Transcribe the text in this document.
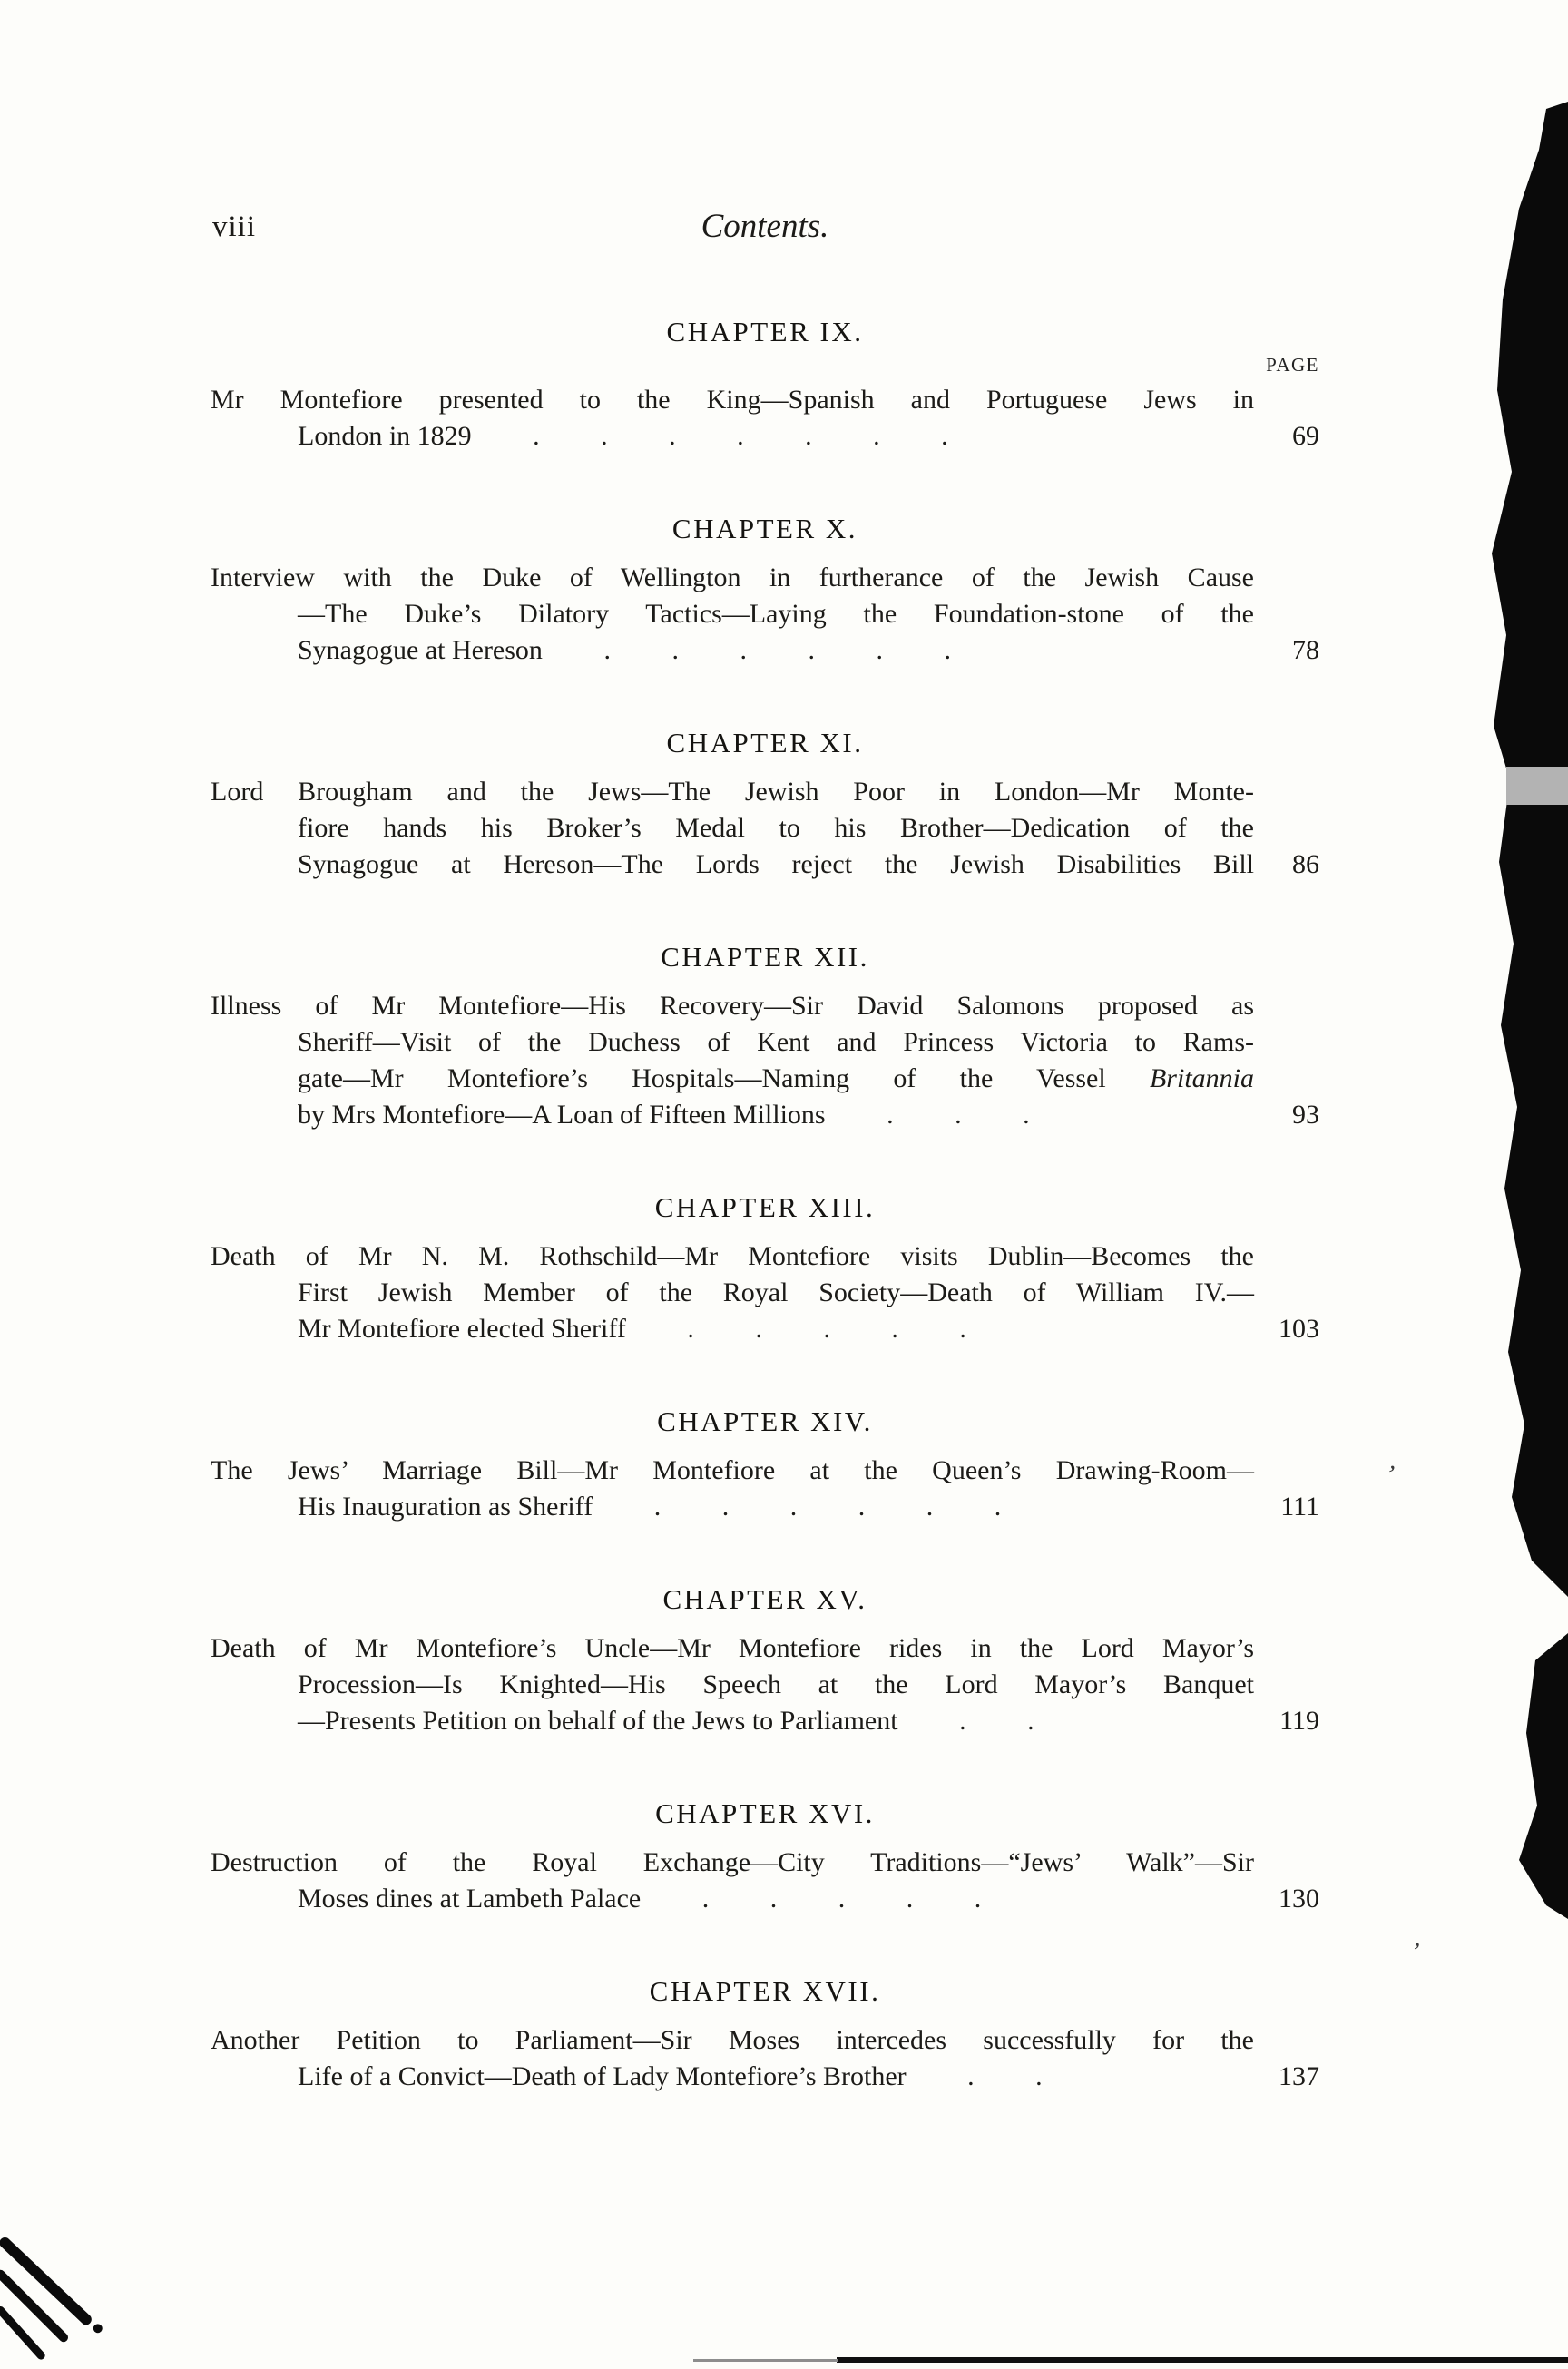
viii	Contents.
CHAPTER IX.
PAGE
Mr Montefiore presented to the King—Spanish and Portuguese Jews in
London in 1829         .         .         .         .         .         .         .	69
CHAPTER X.
Interview with the Duke of Wellington in furtherance of the Jewish Cause
—The Duke’s Dilatory Tactics—Laying the Foundation-stone of the
Synagogue at Hereson         .         .         .         .         .         .	78
CHAPTER XI.
Lord Brougham and the Jews—The Jewish Poor in London—Mr Monte-
fiore hands his Broker’s Medal to his Brother—Dedication of the
Synagogue at Hereson—The Lords reject the Jewish Disabilities Bill 86
CHAPTER XII.
Illness of Mr Montefiore—His Recovery—Sir David Salomons proposed as
Sheriff—Visit of the Duchess of Kent and Princess Victoria to Rams-
gate—Mr Montefiore’s Hospitals—Naming of the Vessel Britannia
by Mrs Montefiore—A Loan of Fifteen Millions         .         .         .	93
CHAPTER XIII.
Death of Mr N. M. Rothschild—Mr Montefiore visits Dublin—Becomes the
First Jewish Member of the Royal Society—Death of William IV.—
Mr Montefiore elected Sheriff         .         .         .         .         .	103
CHAPTER XIV.
The Jews’ Marriage Bill—Mr Montefiore at the Queen’s Drawing-Room—
His Inauguration as Sheriff         .         .         .         .         .         .	111
CHAPTER XV.
Death of Mr Montefiore’s Uncle—Mr Montefiore rides in the Lord Mayor’s
Procession—Is Knighted—His Speech at the Lord Mayor’s Banquet
—Presents Petition on behalf of the Jews to Parliament         .         .	119
CHAPTER XVI.
Destruction of the Royal Exchange—City Traditions—“Jews’ Walk”—Sir
Moses dines at Lambeth Palace         .         .         .         .         .	130
CHAPTER XVII.
Another Petition to Parliament—Sir Moses intercedes successfully for the
Life of a Convict—Death of Lady Montefiore’s Brother         .         .	137
’
’
